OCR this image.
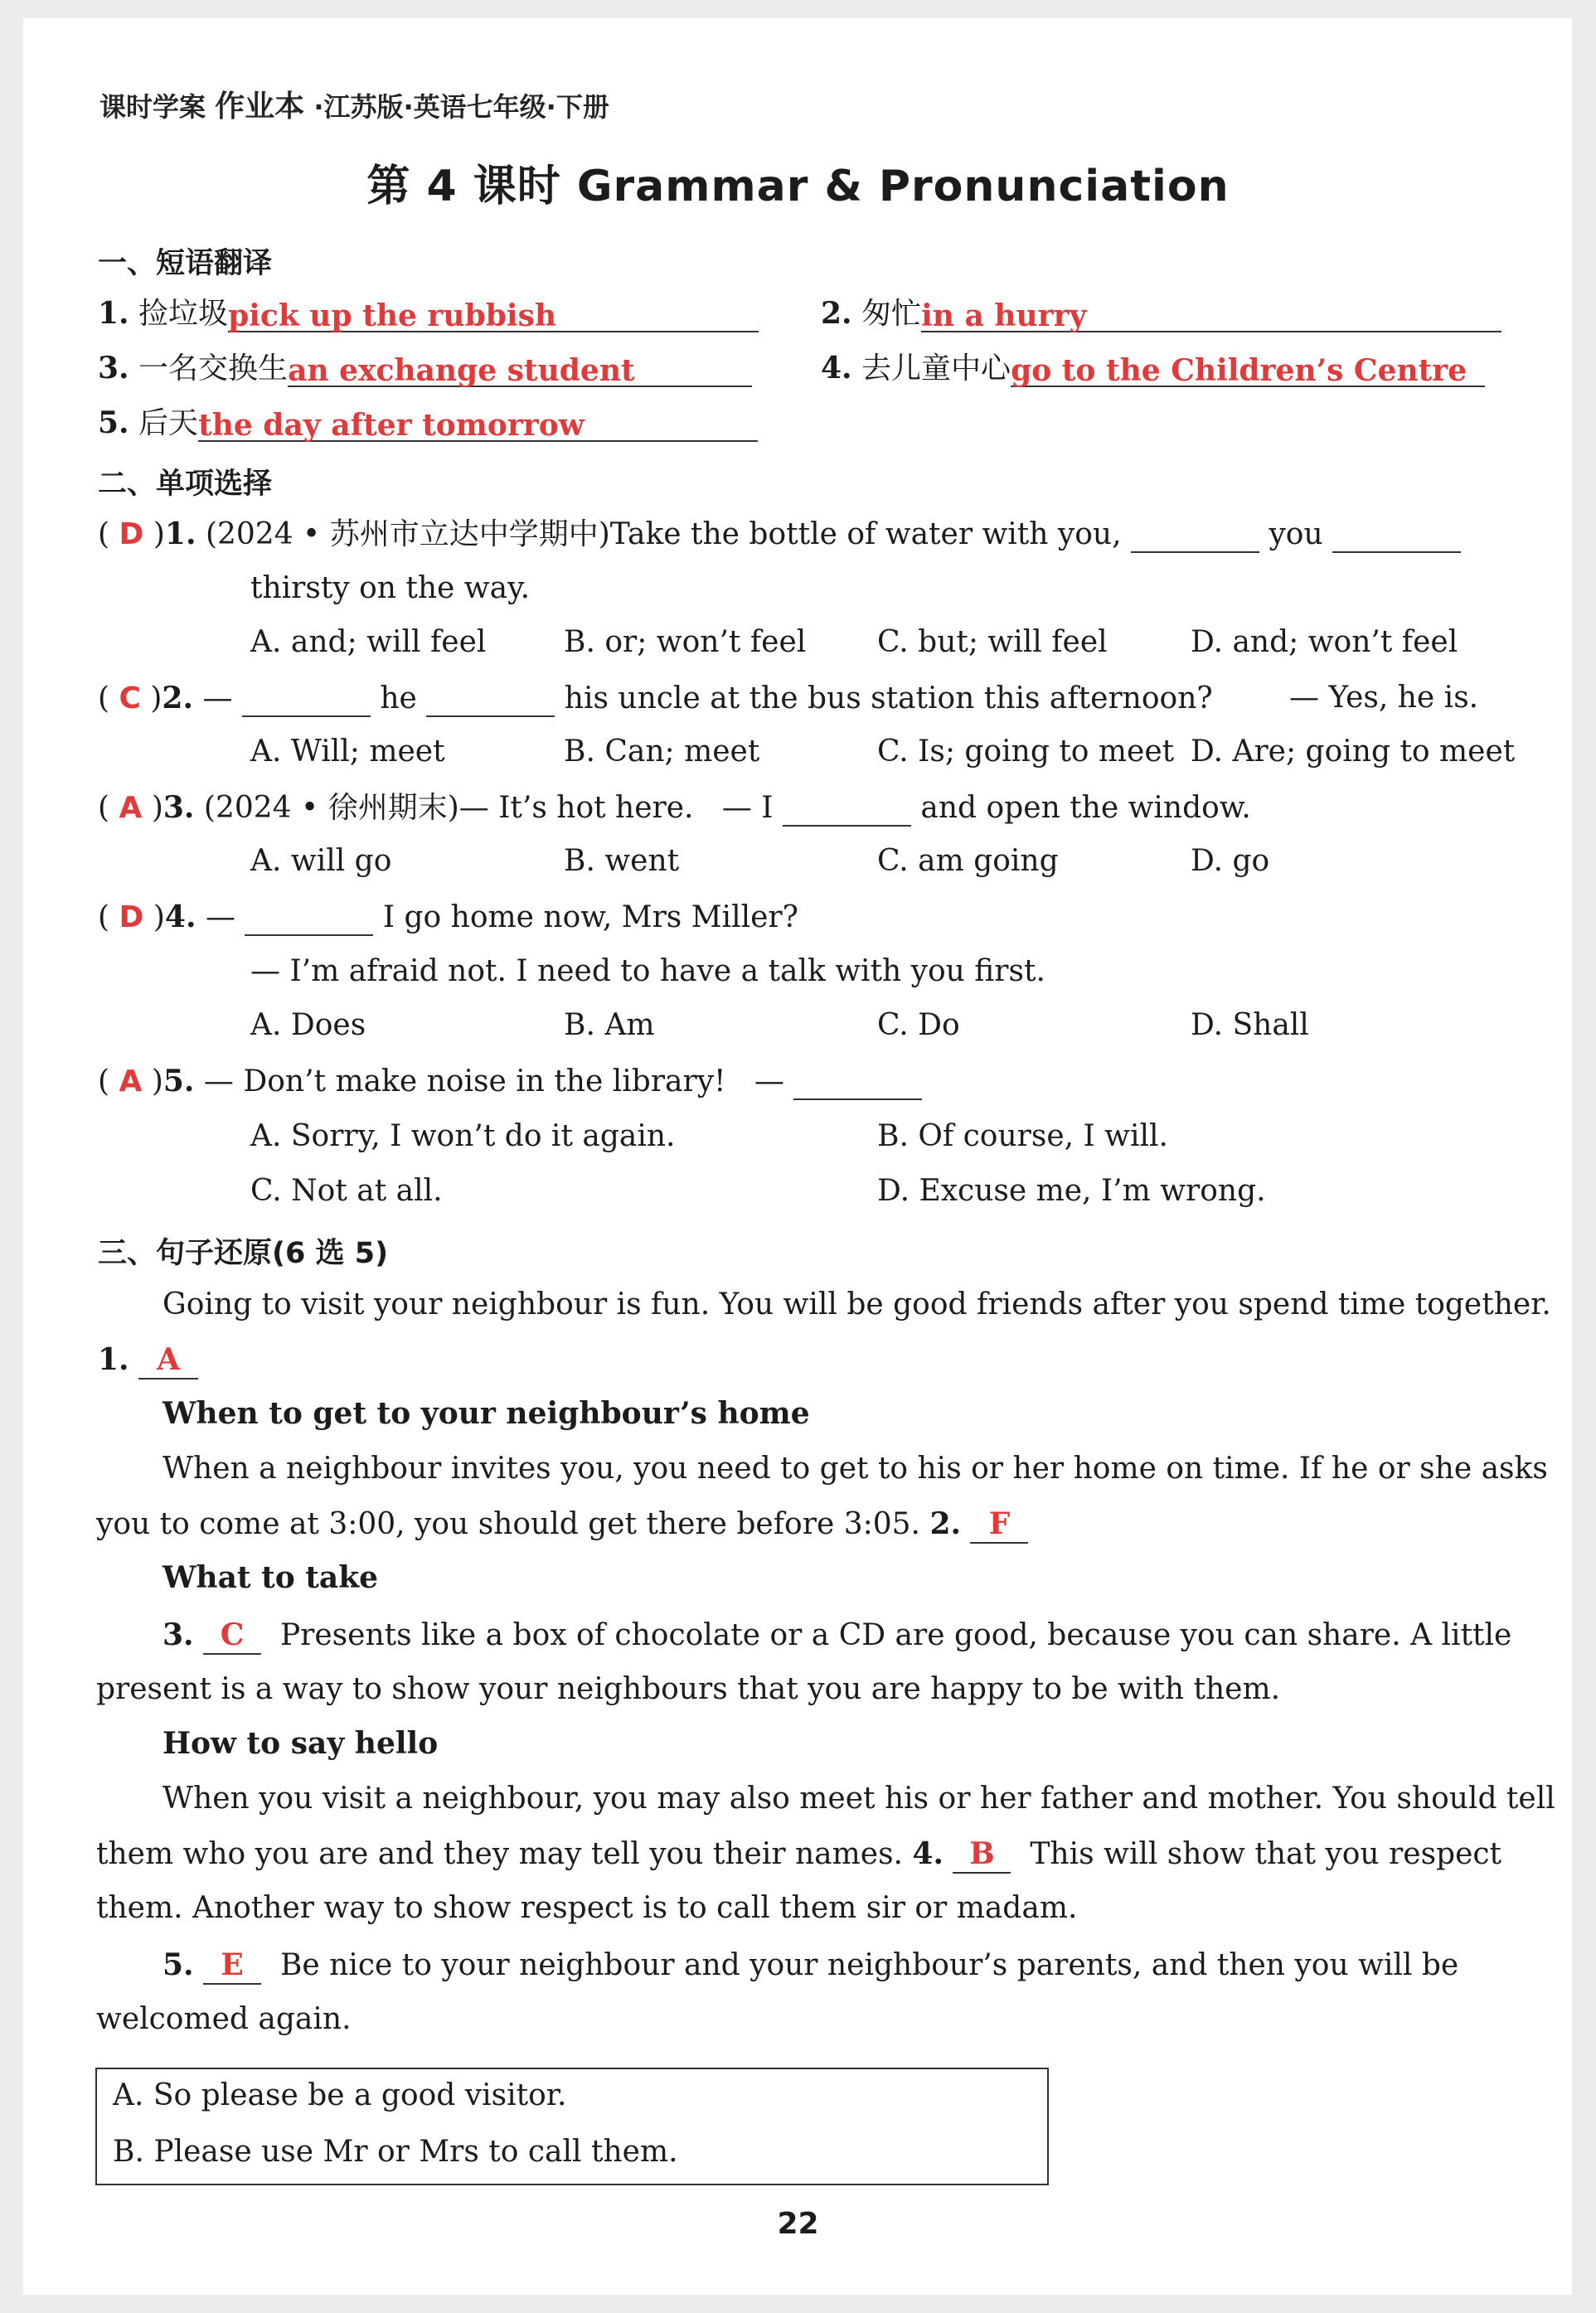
课时学案 作业本 ·江苏版·英语七年级·下册
第 4 课时 Grammar & Pronunciation
一、短语翻译
1. 捡垃圾pick up the rubbish	2. 匆忙in a hurry
3. 一名交换生an exchange student	4. 去儿童中心go to the Children’s Centre
5. 后天the day after tomorrow
二、单项选择
( D )1. (2024 • 苏州市立达中学期中)Take the bottle of water with you,	you
thirsty on the way.
A. and; will feel	B. or; won’t feel C. but; will feel	D. and; won’t feel
( C )2. —	he	his uncle at the bus station this afternoon?	— Yes, he is.
A. Will; meet	B. Can; meet	C. Is; going to meet D. Are; going to meet
( A )3. (2024 • 徐州期末)— It’s hot here. — I	and open the window.
A. will go	B. went	C. am going	D. go
( D )4. —	I go home now, Mrs Miller?
— I’m afraid not. I need to have a talk with you first.
A. Does	B. Am	C. Do	D. Shall
( A )5. — Don’t make noise in the library! —
A. Sorry, I won’t do it again.	B. Of course, I will.
C. Not at all.	D. Excuse me, I’m wrong.
三、句子还原(6 选 5)
Going to visit your neighbour is fun. You will be good friends after you spend time together.
1. A
When to get to your neighbour’s home
When a neighbour invites you, you need to get to his or her home on time. If he or she asks
you to come at 3:00, you should get there before 3:05. 2. F
What to take
3. C Presents like a box of chocolate or a CD are good, because you can share. A little
present is a way to show your neighbours that you are happy to be with them.
How to say hello
When you visit a neighbour, you may also meet his or her father and mother. You should tell
them who you are and they may tell you their names. 4. B This will show that you respect
them. Another way to show respect is to call them sir or madam.
5. E Be nice to your neighbour and your neighbour’s parents, and then you will be
welcomed again.
A. So please be a good visitor.
B. Please use Mr or Mrs to call them.
22
